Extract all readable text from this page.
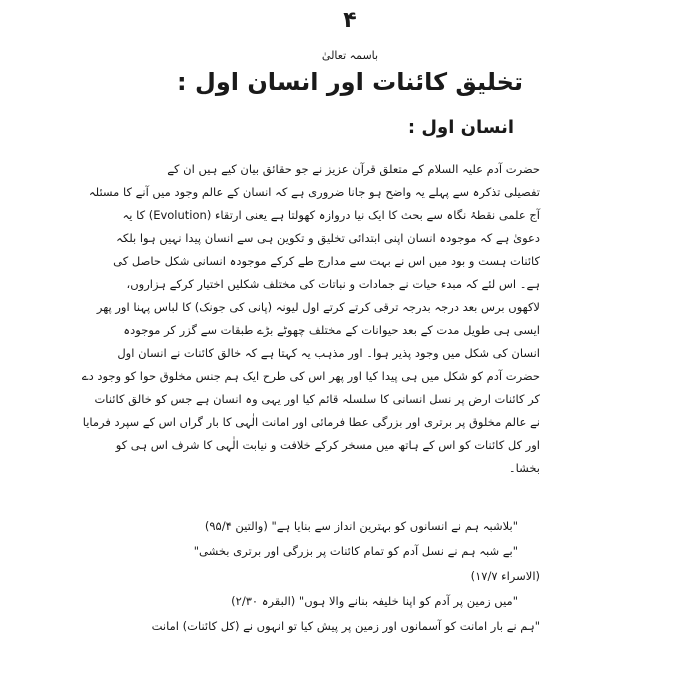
۴
باسمہ تعالیٰ
تخلیق کائنات اور انسان اول :
انسان اول :
حضرت آدم علیہ السلام کے متعلق قرآن عزیز نے جو حقائق بیان کیے ہیں ان کے
تفصیلی تذکرہ سے پہلے یہ واضح ہو جانا ضروری ہے کہ انسان کے عالم وجود میں آنے کا مسئلہ
آج علمی نقطۂ نگاہ سے بحث کا ایک نیا دروازہ کھولتا ہے یعنی ارتقاء (Evolution) کا یہ
دعویٰ ہے کہ موجودہ انسان اپنی ابتدائی تخلیق و تکوین ہی سے انسان پیدا نہیں ہوا بلکہ
کائنات ہست و بود میں اس نے بہت سے مدارج طے کرکے موجودہ انسانی شکل حاصل کی
ہے۔ اس لئے کہ مبدء حیات نے جمادات و نباتات کی مختلف شکلیں اختیار کرکے ہزاروں،
لاکھوں برس بعد درجہ بدرجہ ترقی کرتے کرتے اول لیونہ (پانی کی جونک) کا لباس پہنا اور پھر
ایسی ہی طویل مدت کے بعد حیوانات کے مختلف چھوٹے بڑے طبقات سے گزر کر موجودہ
انسان کی شکل میں وجود پذیر ہوا۔ اور مذہب یہ کہتا ہے کہ خالق کائنات نے انسان اول
حضرت آدم کو شکل میں ہی پیدا کیا اور پھر اس کی طرح ایک ہم جنس مخلوق حوا کو وجود دے
کر کائنات ارض پر نسل انسانی کا سلسلہ قائم کیا اور یہی وہ انسان ہے جس کو خالق کائنات
نے عالم مخلوق پر برتری اور بزرگی عطا فرمائی اور امانت الٰہی کا بار گراں اس کے سپرد فرمایا
اور کل کائنات کو اس کے ہاتھ میں مسخر کرکے خلافت و نیابت الٰہی کا شرف اس ہی کو
بخشا۔
"بلاشبہ ہم نے انسانوں کو بہترین انداز سے بنایا ہے" (والتین ۹۵/۴)
"بے شبہ ہم نے نسل آدم کو تمام کائنات پر بزرگی اور برتری بخشی"
(الاسراء ۱۷/۷)
"میں زمین پر آدم کو اپنا خلیفہ بنانے والا ہوں" (البقرہ ۲/۳۰)
"ہم نے بار امانت کو آسمانوں اور زمین پر پیش کیا تو انہوں نے (کل کائنات) امانت
